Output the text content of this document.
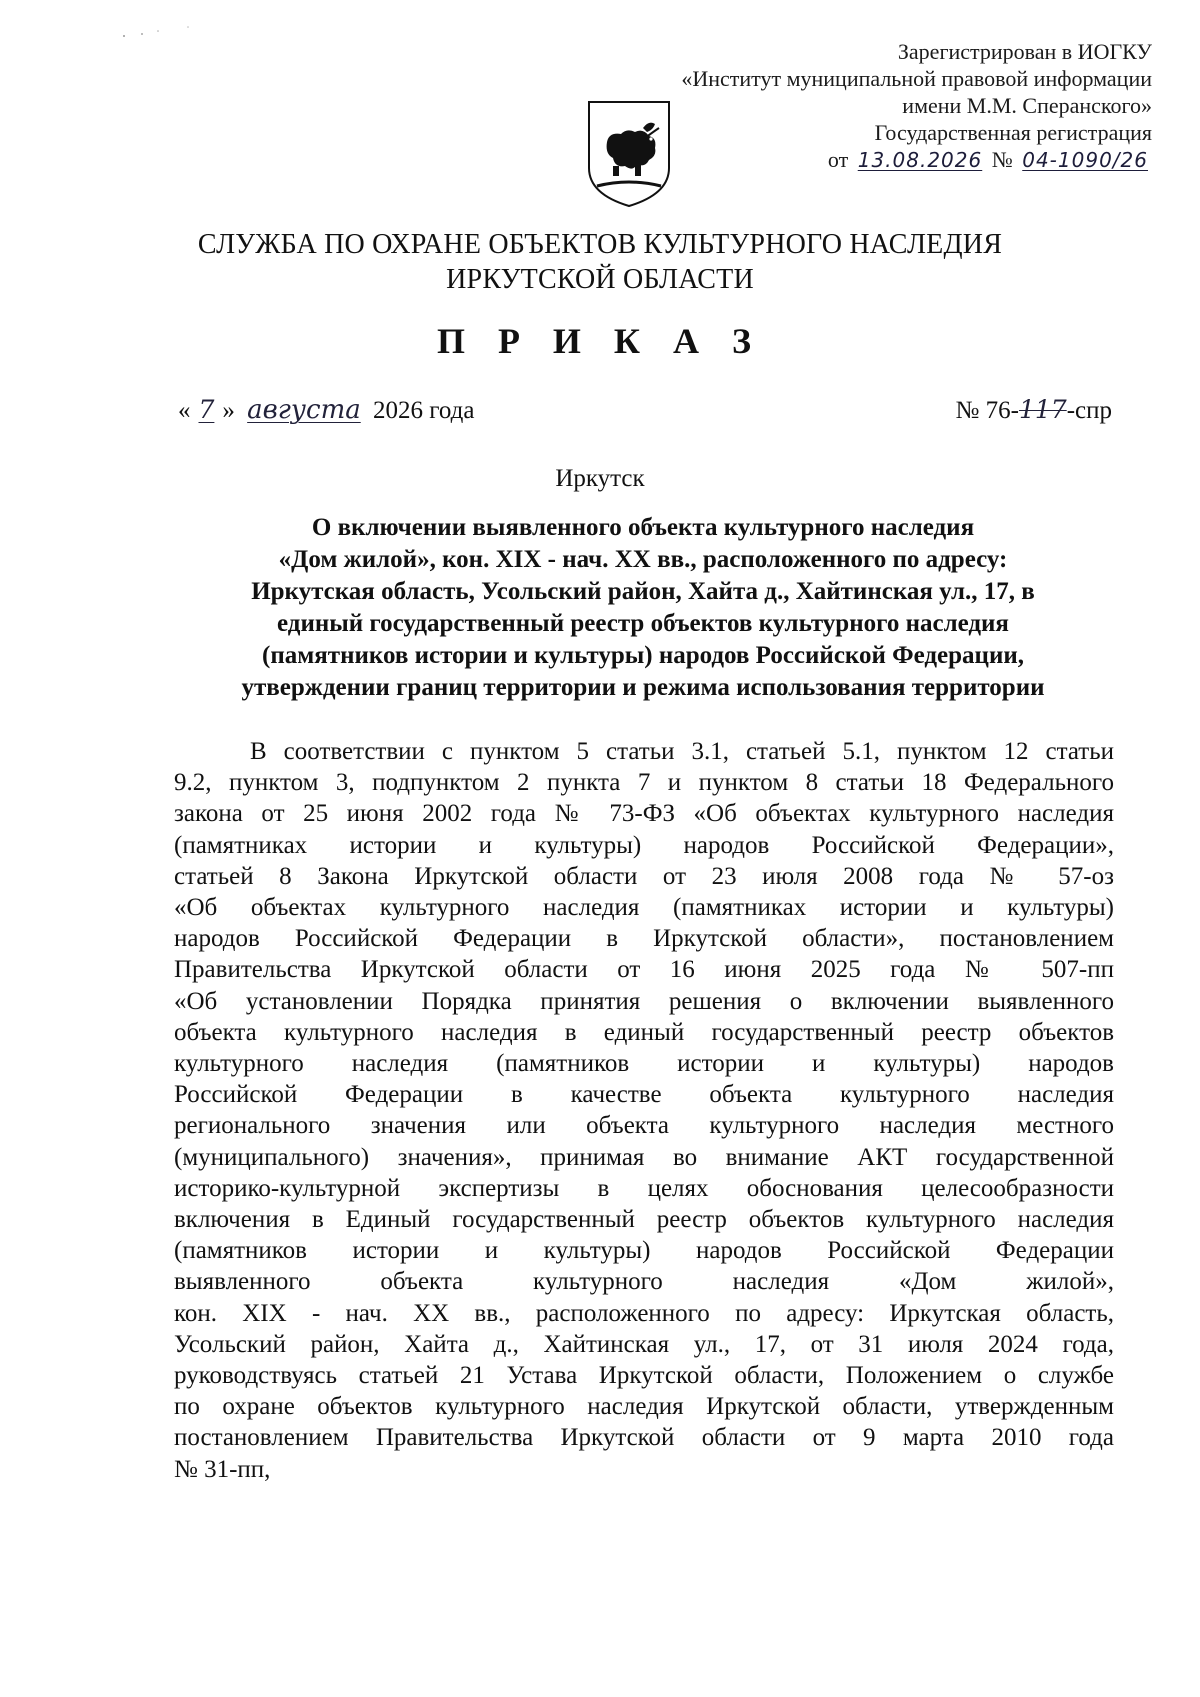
Зарегистрирован в ИОГКУ
«Институт муниципальной правовой информации
имени М.М. Сперанского»
Государственная регистрация
от 13.08.2026 № 04-1090/26
СЛУЖБА ПО ОХРАНЕ ОБЪЕКТОВ КУЛЬТУРНОГО НАСЛЕДИЯ
ИРКУТСКОЙ ОБЛАСТИ
П Р И К А З
« 7 » августа 2026 года	№ 76-117-спр
Иркутск
О включении выявленного объекта культурного наследия
«Дом жилой», кон. XIX - нач. XX вв., расположенного по адресу:
Иркутская область, Усольский район, Хайта д., Хайтинская ул., 17, в
единый государственный реестр объектов культурного наследия
(памятников истории и культуры) народов Российской Федерации,
утверждении границ территории и режима использования территории
В соответствии с пунктом 5 статьи 3.1, статьей 5.1, пунктом 12 статьи
9.2, пунктом 3, подпунктом 2 пункта 7 и пунктом 8 статьи 18 Федерального
закона от 25 июня 2002 года № 73-ФЗ «Об объектах культурного наследия
(памятниках истории и культуры) народов Российской Федерации»,
статьей 8 Закона Иркутской области от 23 июля 2008 года № 57-оз
«Об объектах культурного наследия (памятниках истории и культуры)
народов Российской Федерации в Иркутской области», постановлением
Правительства Иркутской области от 16 июня 2025 года № 507-пп
«Об установлении Порядка принятия решения о включении выявленного
объекта культурного наследия в единый государственный реестр объектов
культурного наследия (памятников истории и культуры) народов
Российской Федерации в качестве объекта культурного наследия
регионального значения или объекта культурного наследия местного
(муниципального) значения», принимая во внимание АКТ государственной
историко-культурной экспертизы в целях обоснования целесообразности
включения в Единый государственный реестр объектов культурного наследия
(памятников истории и культуры) народов Российской Федерации
выявленного объекта культурного наследия «Дом жилой»,
кон. XIX - нач. XX вв., расположенного по адресу: Иркутская область,
Усольский район, Хайта д., Хайтинская ул., 17, от 31 июля 2024 года,
руководствуясь статьей 21 Устава Иркутской области, Положением о службе
по охране объектов культурного наследия Иркутской области, утвержденным
постановлением Правительства Иркутской области от 9 марта 2010 года
№ 31-пп,
